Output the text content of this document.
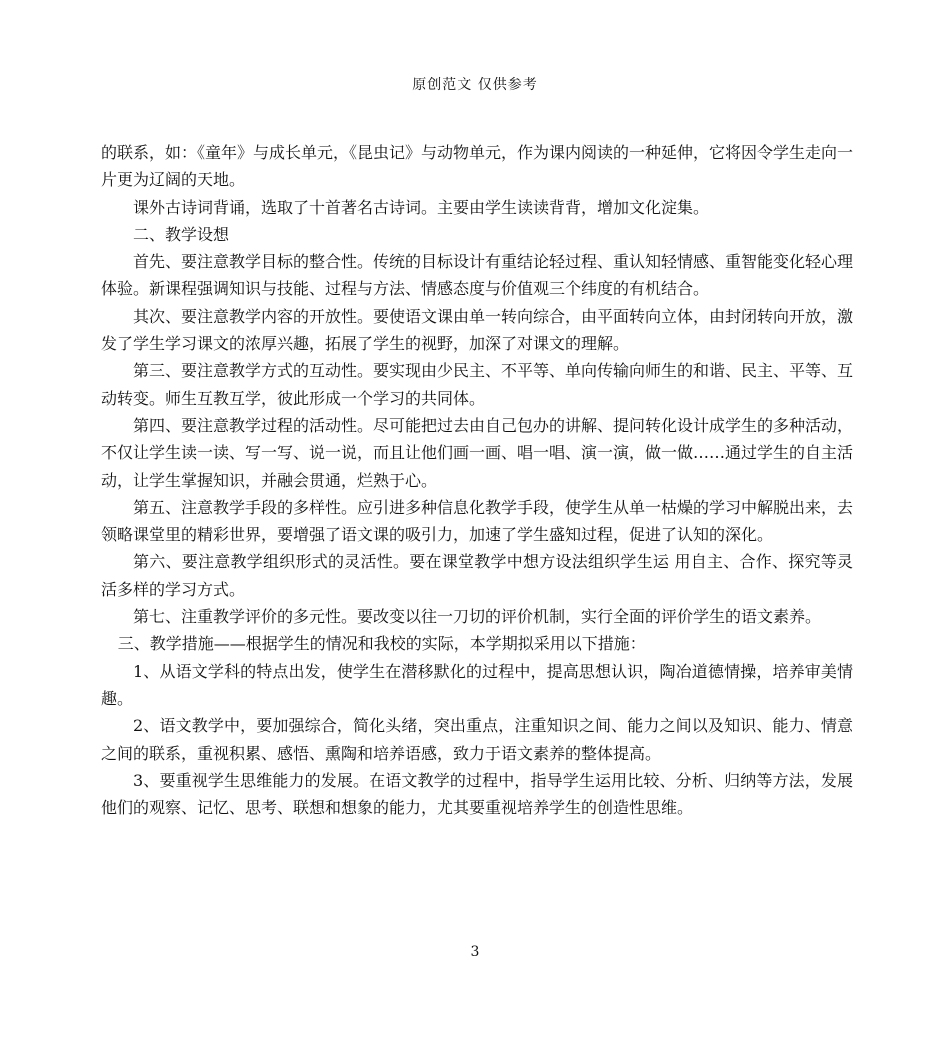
原创范文 仅供参考

的联系，如：《童年》与成长单元，《昆虫记》与动物单元，作为课内阅读的一种延伸，它将因令学生走向一片更为辽阔的天地。

课外古诗词背诵，选取了十首著名古诗词。主要由学生读读背背，增加文化淀集。

二、教学设想

首先、要注意教学目标的整合性。传统的目标设计有重结论轻过程、重认知轻情感、重智能变化轻心理体验。新课程强调知识与技能、过程与方法、情感态度与价值观三个纬度的有机结合。

其次、要注意教学内容的开放性。要使语文课由单一转向综合，由平面转向立体，由封闭转向开放，激发了学生学习课文的浓厚兴趣，拓展了学生的视野，加深了对课文的理解。

第三、要注意教学方式的互动性。要实现由少民主、不平等、单向传输向师生的和谐、民主、平等、互动转变。师生互教互学，彼此形成一个学习的共同体。

第四、要注意教学过程的活动性。尽可能把过去由自己包办的讲解、提问转化设计成学生的多种活动，不仅让学生读一读、写一写、说一说，而且让他们画一画、唱一唱、演一演，做一做……通过学生的自主活动，让学生掌握知识，并融会贯通，烂熟于心。

第五、注意教学手段的多样性。应引进多种信息化教学手段，使学生从单一枯燥的学习中解脱出来，去领略课堂里的精彩世界，要增强了语文课的吸引力，加速了学生盛知过程，促进了认知的深化。

第六、要注意教学组织形式的灵活性。要在课堂教学中想方设法组织学生运 用自主、合作、探究等灵活多样的学习方式。

第七、注重教学评价的多元性。要改变以往一刀切的评价机制，实行全面的评价学生的语文素养。

三、教学措施——根据学生的情况和我校的实际，本学期拟采用以下措施：

1、从语文学科的特点出发，使学生在潜移默化的过程中，提高思想认识，陶冶道德情操，培养审美情趣。

2、语文教学中，要加强综合，简化头绪，突出重点，注重知识之间、能力之间以及知识、能力、情意之间的联系，重视积累、感悟、熏陶和培养语感，致力于语文素养的整体提高。

3、要重视学生思维能力的发展。在语文教学的过程中，指导学生运用比较、分析、归纳等方法，发展他们的观察、记忆、思考、联想和想象的能力，尤其要重视培养学生的创造性思维。

3
